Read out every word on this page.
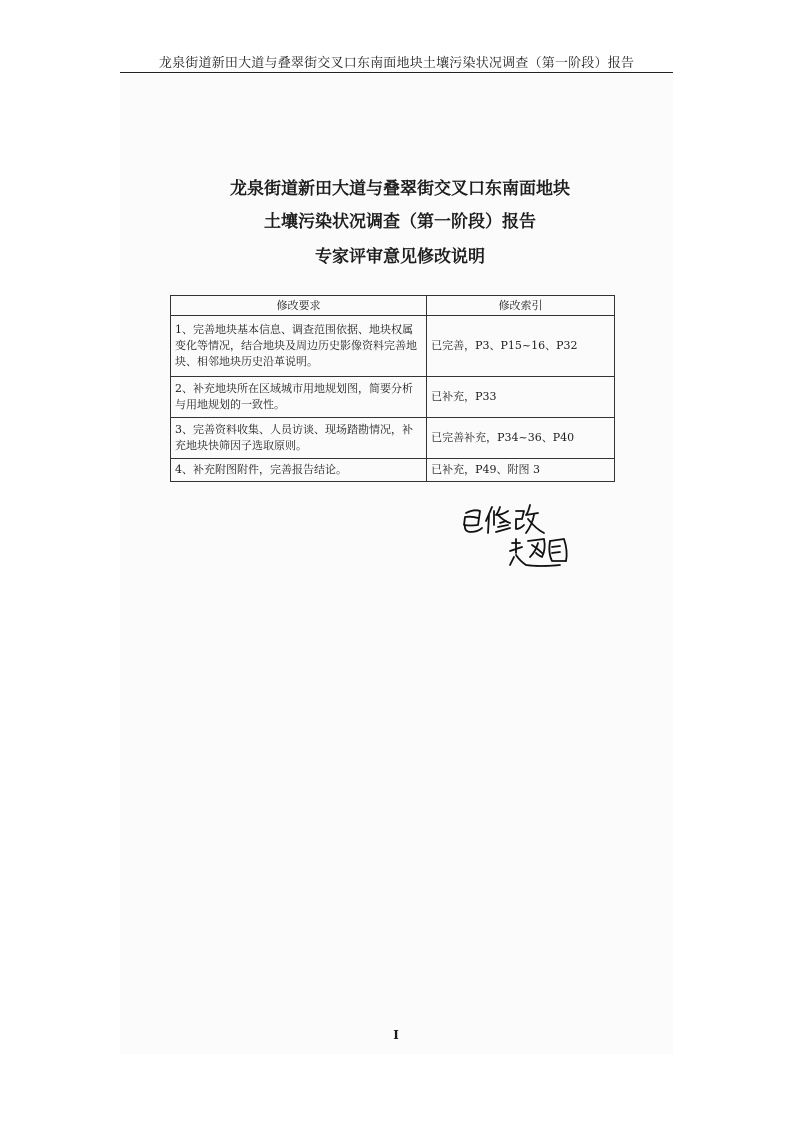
龙泉街道新田大道与叠翠街交叉口东南面地块土壤污染状况调查（第一阶段）报告
龙泉街道新田大道与叠翠街交叉口东南面地块
土壤污染状况调查（第一阶段）报告
专家评审意见修改说明
修改要求	修改索引
1、完善地块基本信息、调查范围依据、地块权属变化等情况，结合地块及周边历史影像资料完善地块、相邻地块历史沿革说明。	已完善，P3、P15~16、P32
2、补充地块所在区域城市用地规划图，简要分析与用地规划的一致性。	已补充，P33
3、完善资料收集、人员访谈、现场踏勘情况，补充地块快筛因子选取原则。	已完善补充，P34~36、P40
4、补充附图附件，完善报告结论。	已补充，P49、附图 3
I
